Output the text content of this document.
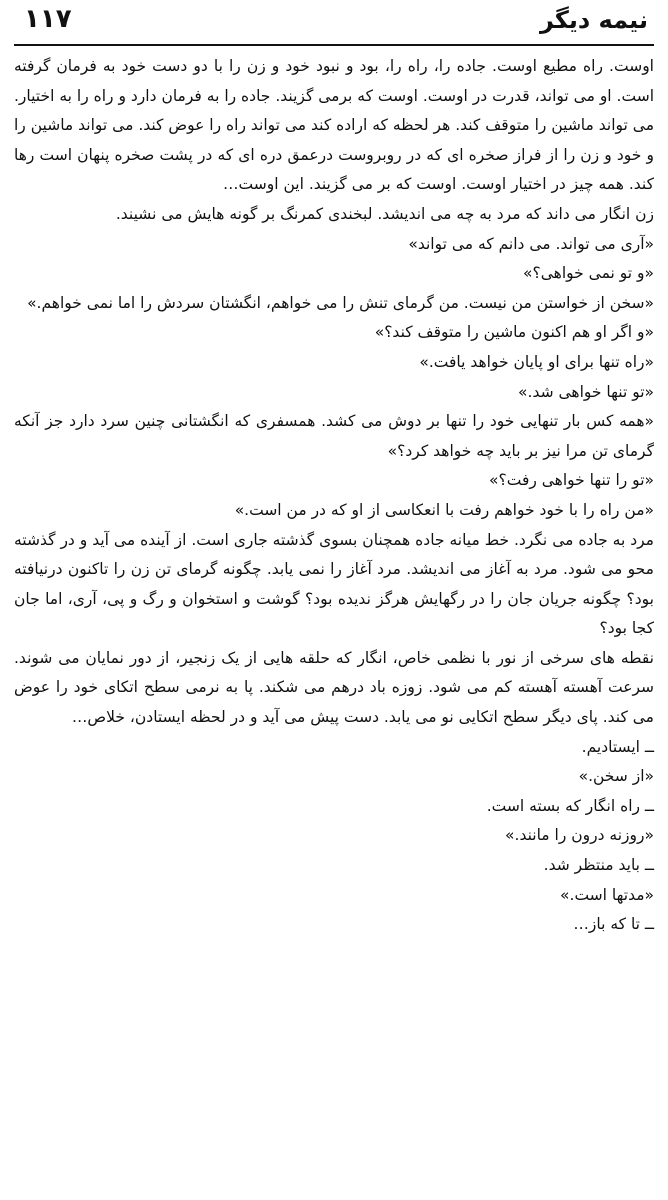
نیمه دیگر
۱۱۷

اوست. راه مطیع اوست. جاده را، راه را، بود و نبود خود و زن را با دو دست خود به فرمان گرفته است. او می تواند، قدرت در اوست. اوست که برمی گزیند. جاده را به فرمان دارد و راه را به اختیار. می تواند ماشین را متوقف کند. هر لحظه که اراده کند می تواند راه را عوض کند. می تواند ماشین را و خود و زن را از فراز صخره ای که در روبروست درعمق دره ای که در پشت صخره پنهان است رها کند. همه چیز در اختیار اوست. اوست که بر می گزیند. این اوست…

زن انگار می داند که مرد به چه می اندیشد. لبخندی کمرنگ بر گونه هایش می نشیند.

«آری می تواند. می دانم که می تواند»

«و تو نمی خواهی؟»

«سخن از خواستن من نیست. من گرمای تنش را می خواهم، انگشتان سردش را اما نمی خواهم.»

«و اگر او هم اکنون ماشین را متوقف کند؟»

«راه تنها برای او پایان خواهد یافت.»

«تو تنها خواهی شد.»

«همه کس بار تنهایی خود را تنها بر دوش می کشد. همسفری که انگشتانی چنین سرد دارد جز آنکه گرمای تن مرا نیز بر باید چه خواهد کرد؟»

«تو را تنها خواهی رفت؟»

«من راه را با خود خواهم رفت با انعکاسی از او که در من است.»

مرد به جاده می نگرد. خط میانه جاده همچنان بسوی گذشته جاری است. از آینده می آید و در گذشته محو می شود. مرد به آغاز می اندیشد. مرد آغاز را نمی یابد. چگونه گرمای تن زن را تاکنون درنیافته بود؟ چگونه جریان جان را در رگهایش هرگز ندیده بود؟ گوشت و استخوان و رگ و پی، آری، اما جان کجا بود؟

نقطه های سرخی از نور با نظمی خاص، انگار که حلقه هایی از یک زنجیر، از دور نمایان می شوند. سرعت آهسته آهسته کم می شود. زوزه باد درهم می شکند. پا به نرمی سطح اتکای خود را عوض می کند. پای دیگر سطح اتکایی نو می یابد. دست پیش می آید و در لحظه ایستادن، خلاص…

ــ ایستادیم.

«از سخن.»

ــ راه انگار که بسته است.

«روزنه درون را مانند.»

ــ باید منتظر شد.

«مدتها است.»

ــ تا که باز…
